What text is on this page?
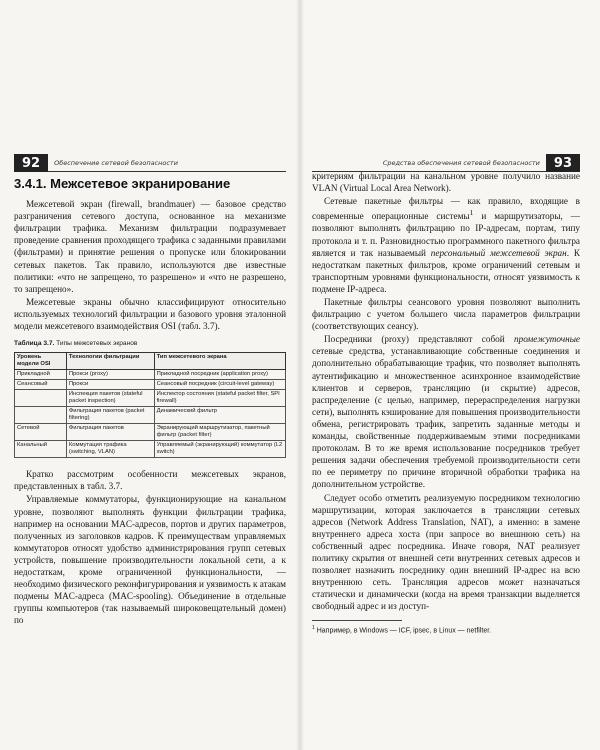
92	Обеспечение сетевой безопасности	Средства обеспечения сетевой безопасности	93
3.4.1. Межсетевое экранирование

Межсетевой экран (firewall, brandmauer) — базовое средство разграничения сетевого доступа, основанное на механизме фильтрации трафика. Механизм фильтрации подразумевает проведение сравнения проходящего трафика с заданными правилами (фильтрами) и принятие решения о пропуске или блокировании сетевых пакетов. Так правило, используются две известные политики: «что не запрещено, то разрешено» и «что не разрешено, то запрещено».

Межсетевые экраны обычно классифицируют относительно используемых технологий фильтрации и базового уровня эталонной модели межсетевого взаимодействия OSI (табл. 3.7).

Таблица 3.7. Типы межсетевых экранов
Уровень модели OSI	Технологии фильтрации	Тип межсетевого экрана
Прикладной	Прокси (proxy)	Прикладной посредник (application proxy)
Сеансовый	Прокси	Сеансовый посредник (circuit-level gateway)
	Инспекция пакетов (stateful packet inspection)	Инспектор состояния (stateful packet filter, SPI firewall)
	Фильтрация пакетов (packet filtering)	Динамический фильтр
Сетевой	Фильтрация пакетов	Экранирующий маршрутизатор, пакетный фильтр (packet filter)
Канальный	Коммутация трафика (switching, VLAN)	Управляемый (экранирующий) коммутатор (L2 switch)

Кратко рассмотрим особенности межсетевых экранов, представленных в табл. 3.7.

Управляемые коммутаторы, функционирующие на канальном уровне, позволяют выполнять функции фильтрации трафика, например на основании MAC-адресов, портов и других параметров, полученных из заголовков кадров. К преимуществам управляемых коммутаторов относят удобство администрирования групп сетевых устройств, повышение производительности локальной сети, а к недостаткам, кроме ограниченной функциональности, — необходимо физического реконфигурирования и уязвимость к атакам подмены MAC-адреса (MAC-spooling). Объединение в отдельные группы компьютеров (так называемый широковещательный домен) по

критериям фильтрации на канальном уровне получило название VLAN (Virtual Local Area Network).

Сетевые пакетные фильтры — как правило, входящие в современные операционные системы$^1$ и маршрутизаторы, — позволяют выполнять фильтрацию по IP-адресам, портам, типу протокола и т. п. Разновидностью программного пакетного фильтра является и так называемый персональный межсетевой экран. К недостаткам пакетных фильтров, кроме ограничений сетевым и транспортным уровнями функциональности, относят уязвимость к подмене IP-адреса.

Пакетные фильтры сеансового уровня позволяют выполнить фильтрацию с учетом большего числа параметров фильтрации (соответствующих сеансу).

Посредники (proxy) представляют собой промежуточные сетевые средства, устанавливающие собственные соединения и дополнительно обрабатывающие трафик, что позволяет выполнять аутентификацию и множественное асинхронное взаимодействие клиентов и серверов, трансляцию (и скрытие) адресов, распределение (с целью, например, перераспределения нагрузки сети), выполнять кэширование для повышения производительности обмена, регистрировать трафик, запретить заданные методы и команды, свойственные поддерживаемым этими посредниками протоколам. В то же время использование посредников требует решения задачи обеспечения требуемой производительности сети по ее периметру по причине вторичной обработки трафика на дополнительном устройстве.

Следует особо отметить реализуемую посредником технологию маршрутизации, которая заключается в трансляции сетевых адресов (Network Address Translation, NAT), а именно: в замене внутреннего адреса хоста (при запросе во внешнюю сеть) на собственный адрес посредника. Иначе говоря, NAT реализует политику скрытия от внешней сети внутренних сетевых адресов и позволяет назначить посреднику один внешний IP-адрес на всю внутреннюю сеть. Трансляция адресов может назначаться статически и динамически (когда на время транзакции выделяется свободный адрес и из доступ-

$^1$ Например, в Windows — ICF, ipsec, в Linux — netfilter.
